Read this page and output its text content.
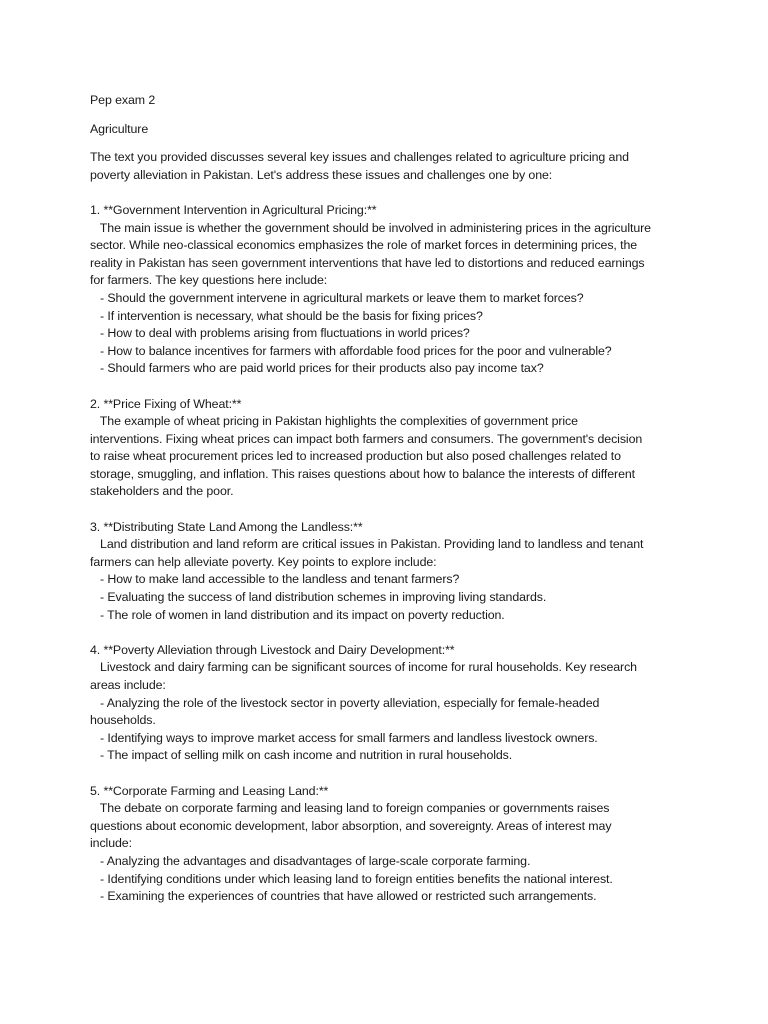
Pep exam 2
Agriculture
The text you provided discusses several key issues and challenges related to agriculture pricing and
poverty alleviation in Pakistan. Let's address these issues and challenges one by one:
1. **Government Intervention in Agricultural Pricing:**
The main issue is whether the government should be involved in administering prices in the agriculture
sector. While neo-classical economics emphasizes the role of market forces in determining prices, the
reality in Pakistan has seen government interventions that have led to distortions and reduced earnings
for farmers. The key questions here include:
- Should the government intervene in agricultural markets or leave them to market forces?
- If intervention is necessary, what should be the basis for fixing prices?
- How to deal with problems arising from fluctuations in world prices?
- How to balance incentives for farmers with affordable food prices for the poor and vulnerable?
- Should farmers who are paid world prices for their products also pay income tax?
2. **Price Fixing of Wheat:**
The example of wheat pricing in Pakistan highlights the complexities of government price
interventions. Fixing wheat prices can impact both farmers and consumers. The government's decision
to raise wheat procurement prices led to increased production but also posed challenges related to
storage, smuggling, and inflation. This raises questions about how to balance the interests of different
stakeholders and the poor.
3. **Distributing State Land Among the Landless:**
Land distribution and land reform are critical issues in Pakistan. Providing land to landless and tenant
farmers can help alleviate poverty. Key points to explore include:
- How to make land accessible to the landless and tenant farmers?
- Evaluating the success of land distribution schemes in improving living standards.
- The role of women in land distribution and its impact on poverty reduction.
4. **Poverty Alleviation through Livestock and Dairy Development:**
Livestock and dairy farming can be significant sources of income for rural households. Key research
areas include:
- Analyzing the role of the livestock sector in poverty alleviation, especially for female-headed
households.
- Identifying ways to improve market access for small farmers and landless livestock owners.
- The impact of selling milk on cash income and nutrition in rural households.
5. **Corporate Farming and Leasing Land:**
The debate on corporate farming and leasing land to foreign companies or governments raises
questions about economic development, labor absorption, and sovereignty. Areas of interest may
include:
- Analyzing the advantages and disadvantages of large-scale corporate farming.
- Identifying conditions under which leasing land to foreign entities benefits the national interest.
- Examining the experiences of countries that have allowed or restricted such arrangements.
